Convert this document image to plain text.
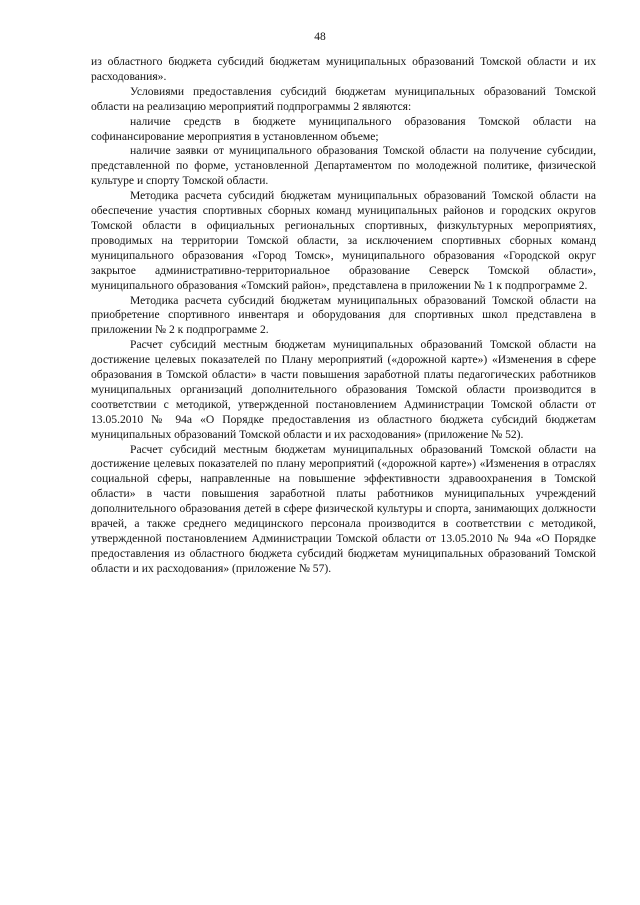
48

из областного бюджета субсидий бюджетам муниципальных образований Томской области и их расходования».

Условиями предоставления субсидий бюджетам муниципальных образований Томской области на реализацию мероприятий подпрограммы 2 являются:

наличие средств в бюджете муниципального образования Томской области на софинансирование мероприятия в установленном объеме;

наличие заявки от муниципального образования Томской области на получение субсидии, представленной по форме, установленной Департаментом по молодежной политике, физической культуре и спорту Томской области.

Методика расчета субсидий бюджетам муниципальных образований Томской области на обеспечение участия спортивных сборных команд муниципальных районов и городских округов Томской области в официальных региональных спортивных, физкультурных мероприятиях, проводимых на территории Томской области, за исключением спортивных сборных команд муниципального образования «Город Томск», муниципального образования «Городской округ закрытое административно-территориальное образование Северск Томской области», муниципального образования «Томский район», представлена в приложении № 1 к подпрограмме 2.

Методика расчета субсидий бюджетам муниципальных образований Томской области на приобретение спортивного инвентаря и оборудования для спортивных школ представлена в приложении № 2 к подпрограмме 2.

Расчет субсидий местным бюджетам муниципальных образований Томской области на достижение целевых показателей по Плану мероприятий («дорожной карте») «Изменения в сфере образования в Томской области» в части повышения заработной платы педагогических работников муниципальных организаций дополнительного образования Томской области производится в соответствии с методикой, утвержденной постановлением Администрации Томской области от 13.05.2010 № 94а «О Порядке предоставления из областного бюджета субсидий бюджетам муниципальных образований Томской области и их расходования» (приложение № 52).

Расчет субсидий местным бюджетам муниципальных образований Томской области на достижение целевых показателей по плану мероприятий («дорожной карте») «Изменения в отраслях социальной сферы, направленные на повышение эффективности здравоохранения в Томской области» в части повышения заработной платы работников муниципальных учреждений дополнительного образования детей в сфере физической культуры и спорта, занимающих должности врачей, а также среднего медицинского персонала производится в соответствии с методикой, утвержденной постановлением Администрации Томской области от 13.05.2010 № 94а «О Порядке предоставления из областного бюджета субсидий бюджетам муниципальных образований Томской области и их расходования» (приложение № 57).
